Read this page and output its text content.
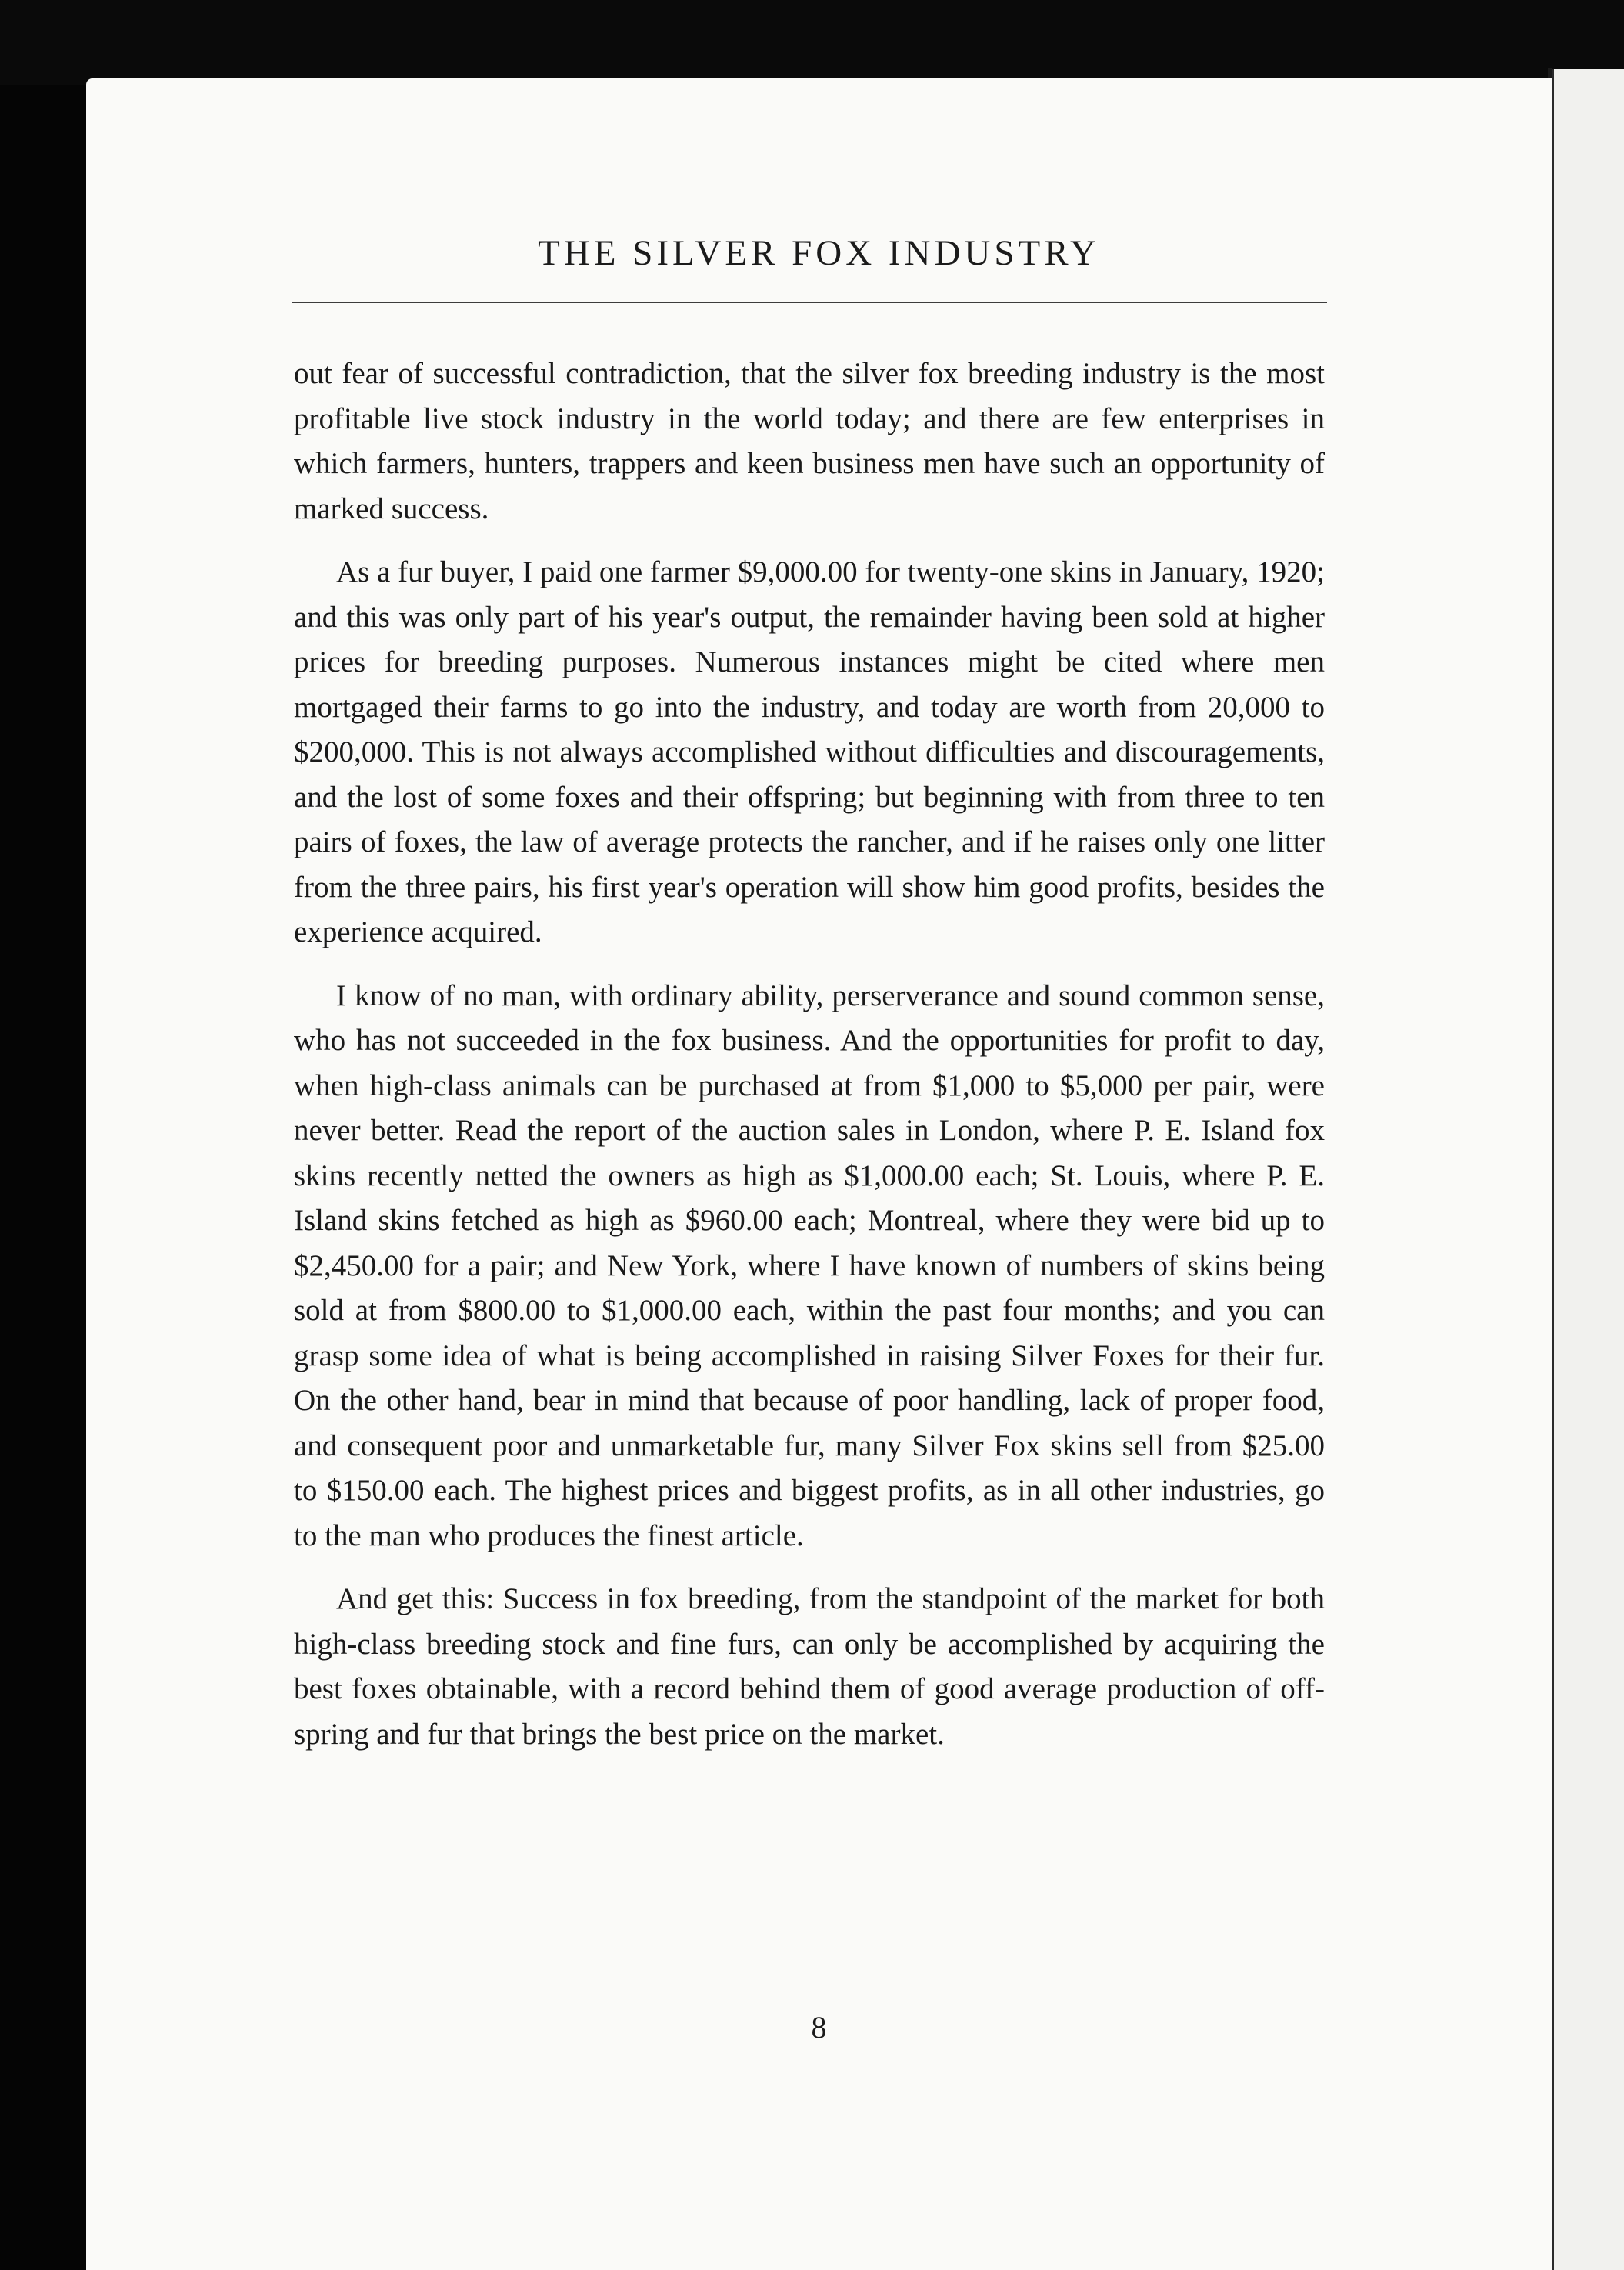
THE SILVER FOX INDUSTRY

out fear of successful contradiction, that the silver fox breeding industry is the most profitable live stock industry in the world today; and there are few enterprises in which farmers, hunters, trappers and keen business men have such an opportunity of marked success.

As a fur buyer, I paid one farmer $9,000.00 for twenty-one skins in January, 1920; and this was only part of his year's output, the remainder having been sold at higher prices for breeding purposes. Numerous instances might be cited where men mortgaged their farms to go into the industry, and today are worth from 20,000 to $200,000. This is not always accomplished without difficulties and discouragements, and the lost of some foxes and their offspring; but beginning with from three to ten pairs of foxes, the law of average protects the rancher, and if he raises only one litter from the three pairs, his first year's operation will show him good profits, besides the experience acquired.

I know of no man, with ordinary ability, perserverance and sound common sense, who has not succeeded in the fox business. And the opportunities for profit to day, when high-class animals can be purchased at from $1,000 to $5,000 per pair, were never better. Read the report of the auction sales in London, where P. E. Island fox skins recently netted the owners as high as $1,000.00 each; St. Louis, where P. E. Island skins fetched as high as $960.00 each; Montreal, where they were bid up to $2,450.00 for a pair; and New York, where I have known of numbers of skins being sold at from $800.00 to $1,000.00 each, within the past four months; and you can grasp some idea of what is being accomplished in raising Silver Foxes for their fur. On the other hand, bear in mind that because of poor handling, lack of proper food, and consequent poor and unmarketable fur, many Silver Fox skins sell from $25.00 to $150.00 each. The highest prices and biggest profits, as in all other industries, go to the man who produces the finest article.

And get this: Success in fox breeding, from the standpoint of the market for both high-class breeding stock and fine furs, can only be accomplished by acquiring the best foxes obtainable, with a record behind them of good average production of off-spring and fur that brings the best price on the market.

8
